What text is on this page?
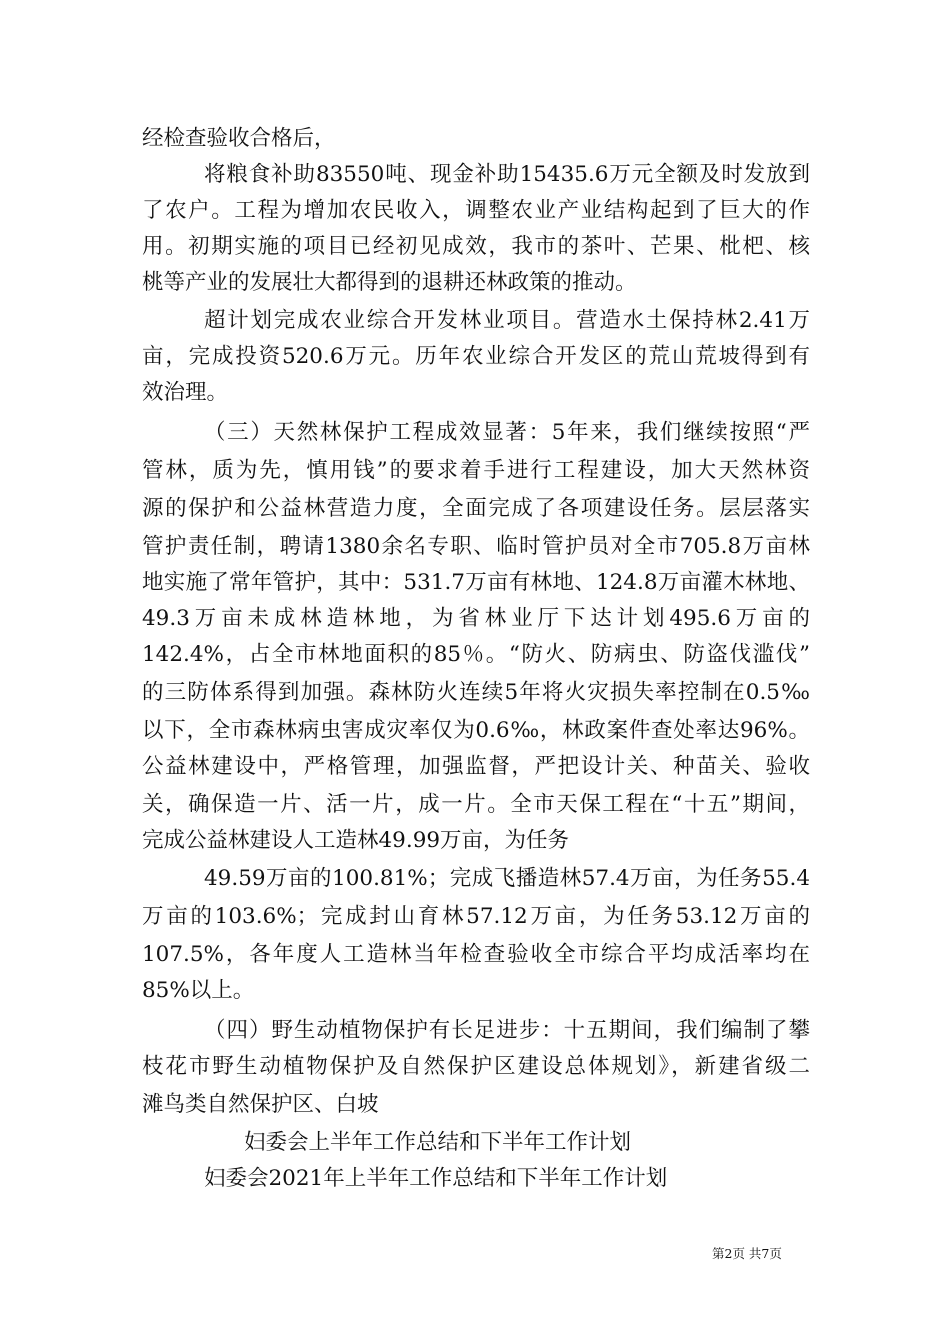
经检查验收合格后，
将粮食补助83550吨、现金补助15435.6万元全额及时发放到
了农户。工程为增加农民收入，调整农业产业结构起到了巨大的作
用。初期实施的项目已经初见成效，我市的茶叶、芒果、枇杷、核
桃等产业的发展壮大都得到的退耕还林政策的推动。
超计划完成农业综合开发林业项目。营造水土保持林2.41万
亩，完成投资520.6万元。历年农业综合开发区的荒山荒坡得到有
效治理。
（三）天然林保护工程成效显著：5年来，我们继续按照“严
管林，质为先，慎用钱”的要求着手进行工程建设，加大天然林资
源的保护和公益林营造力度，全面完成了各项建设任务。层层落实
管护责任制，聘请1380余名专职、临时管护员对全市705.8万亩林
地实施了常年管护，其中：531.7万亩有林地、124.8万亩灌木林地、
49.3万亩未成林造林地，为省林业厅下达计划495.6万亩的
142.4%，占全市林地面积的85％。“防火、防病虫、防盗伐滥伐”
的三防体系得到加强。森林防火连续5年将火灾损失率控制在0.5‰
以下，全市森林病虫害成灾率仅为0.6‰，林政案件查处率达96%。
公益林建设中，严格管理，加强监督，严把设计关、种苗关、验收
关，确保造一片、活一片，成一片。全市天保工程在“十五”期间，
完成公益林建设人工造林49.99万亩，为任务
49.59万亩的100.81%；完成飞播造林57.4万亩，为任务55.4
万亩的103.6%；完成封山育林57.12万亩，为任务53.12万亩的
107.5%，各年度人工造林当年检查验收全市综合平均成活率均在
85%以上。
（四）野生动植物保护有长足进步：十五期间，我们编制了攀
枝花市野生动植物保护及自然保护区建设总体规划》，新建省级二
滩鸟类自然保护区、白坡
妇委会上半年工作总结和下半年工作计划
妇委会2021年上半年工作总结和下半年工作计划
第2页 共7页
